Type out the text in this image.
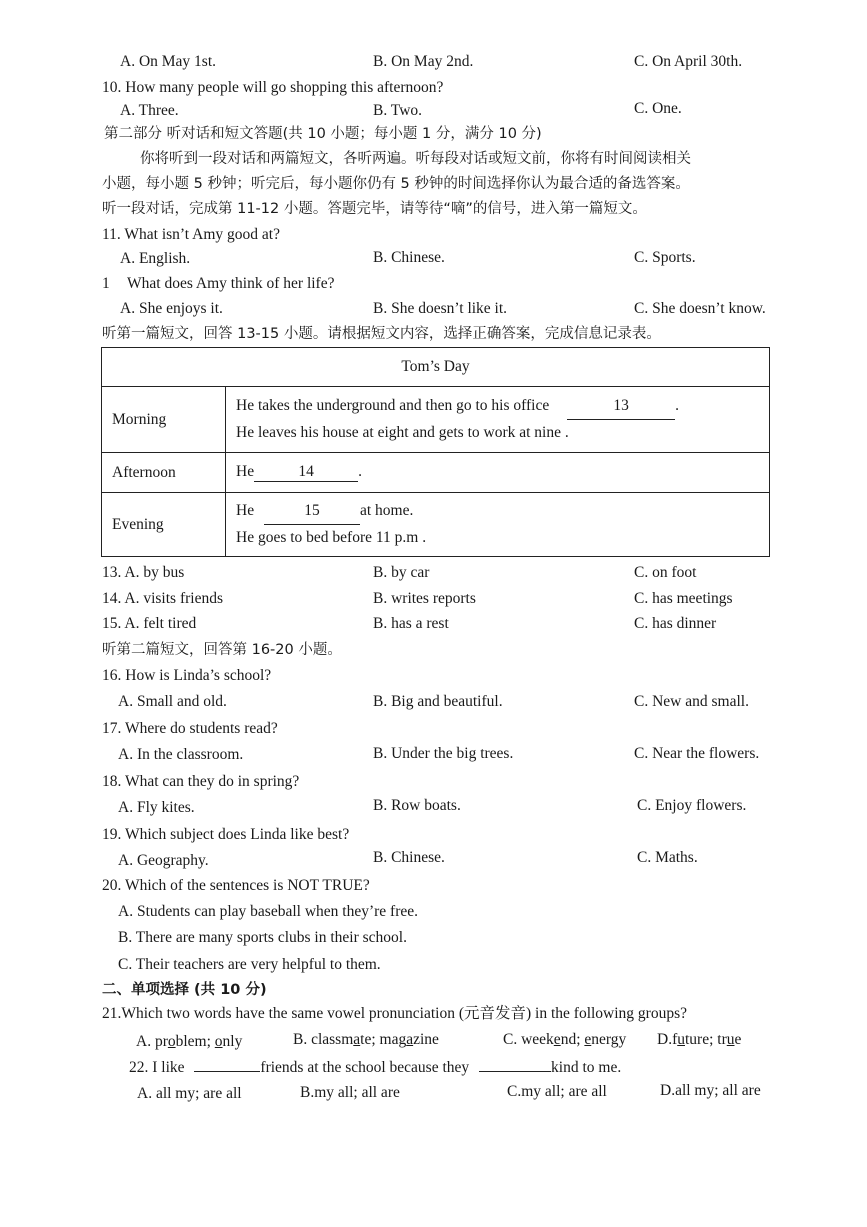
A. On May 1st.	B. On May 2nd.	C. On April 30th.
10. How many people will go shopping this afternoon?
A. Three.	B. Two.	C. One.
第二部分 听对话和短文答题(共 10 小题；每小题 1 分，满分 10 分)
你将听到一段对话和两篇短文，各听两遍。听每段对话或短文前，你将有时间阅读相关
小题，每小题 5 秒钟；听完后，每小题你仍有 5 秒钟的时间选择你认为最合适的备选答案。
听一段对话，完成第 11-12 小题。答题完毕，请等待“嘀”的信号，进入第一篇短文。
11. What isn’t Amy good at?
A. English.	B. Chinese.	C. Sports.
1 What does Amy think of her life?
A. She enjoys it.	B. She doesn’t like it.	C. She doesn’t know.
听第一篇短文，回答 13-15 小题。请根据短文内容，选择正确答案，完成信息记录表。
Tom’s Day	
Morning	He takes the underground and then go to his office 13 .
He leaves his house at eight and gets to work at nine .
Afternoon	He 14 .
Evening	He 15 at home.
He goes to bed before 11 p.m .
13. A. by bus	B. by car	C. on foot
14. A. visits friends	B. writes reports	C. has meetings
15. A. felt tired	B. has a rest	C. has dinner
听第二篇短文，回答第 16-20 小题。
16. How is Linda’s school?
A. Small and old.	B. Big and beautiful.	C. New and small.
17. Where do students read?
A. In the classroom.	B. Under the big trees.	C. Near the flowers.
18. What can they do in spring?
A. Fly kites.	B. Row boats.	C. Enjoy flowers.
19. Which subject does Linda like best?
A. Geography.	B. Chinese.	C. Maths.
20. Which of the sentences is NOT TRUE?
A. Students can play baseball when they’re free.
B. There are many sports clubs in their school.
C. Their teachers are very helpful to them.
二、单项选择 (共 10 分)
21.Which two words have the same vowel pronunciation (元音发音) in the following groups?
A. problem; only	B. classmate; magazine	C. weekend; energy D.future; true
22. I like	friends at the school because they	kind to me.
A. all my; are all	B.my all; all are	C.my all; are all	D.all my; all are
